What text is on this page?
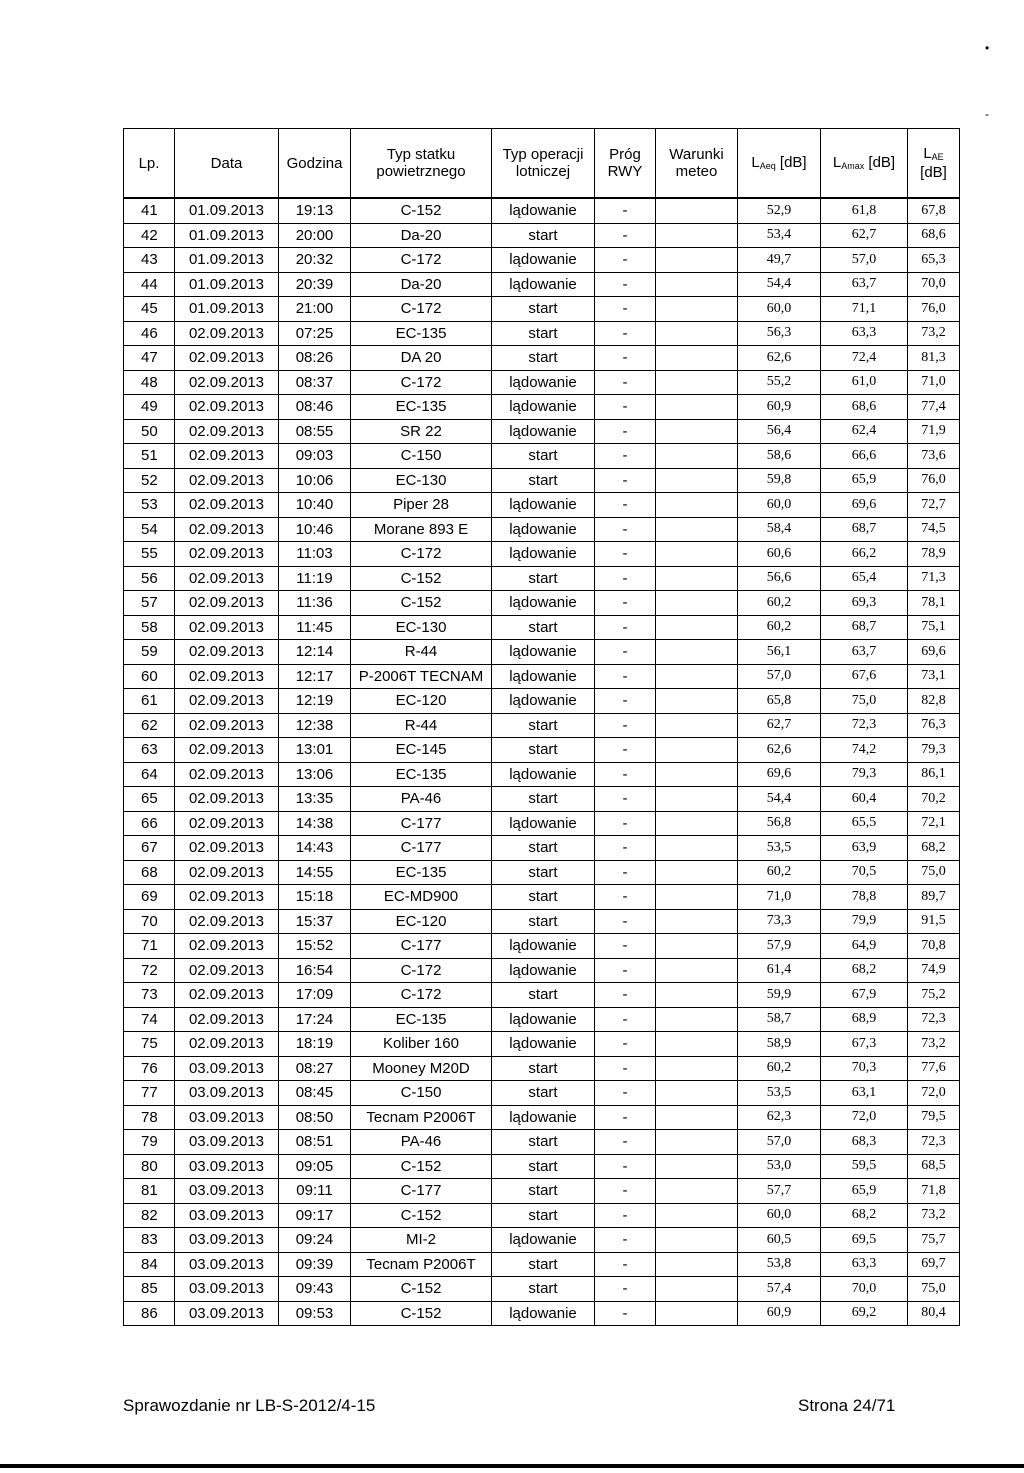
•
-
Lp.	Data	Godzina	Typ statku powietrznego	Typ operacji lotniczej	Próg RWY	Warunki meteo	$L_{Aeq}$ [dB]	$L_{Amax}$ [dB]	$L_{AE}$ [dB]
41	01.09.2013	19:13	C-152	lądowanie	-		52,9	61,8	67,8
42	01.09.2013	20:00	Da-20	start	-		53,4	62,7	68,6
43	01.09.2013	20:32	C-172	lądowanie	-		49,7	57,0	65,3
44	01.09.2013	20:39	Da-20	lądowanie	-		54,4	63,7	70,0
45	01.09.2013	21:00	C-172	start	-		60,0	71,1	76,0
46	02.09.2013	07:25	EC-135	start	-		56,3	63,3	73,2
47	02.09.2013	08:26	DA 20	start	-		62,6	72,4	81,3
48	02.09.2013	08:37	C-172	lądowanie	-		55,2	61,0	71,0
49	02.09.2013	08:46	EC-135	lądowanie	-		60,9	68,6	77,4
50	02.09.2013	08:55	SR 22	lądowanie	-		56,4	62,4	71,9
51	02.09.2013	09:03	C-150	start	-		58,6	66,6	73,6
52	02.09.2013	10:06	EC-130	start	-		59,8	65,9	76,0
53	02.09.2013	10:40	Piper 28	lądowanie	-		60,0	69,6	72,7
54	02.09.2013	10:46	Morane 893 E	lądowanie	-		58,4	68,7	74,5
55	02.09.2013	11:03	C-172	lądowanie	-		60,6	66,2	78,9
56	02.09.2013	11:19	C-152	start	-		56,6	65,4	71,3
57	02.09.2013	11:36	C-152	lądowanie	-		60,2	69,3	78,1
58	02.09.2013	11:45	EC-130	start	-		60,2	68,7	75,1
59	02.09.2013	12:14	R-44	lądowanie	-		56,1	63,7	69,6
60	02.09.2013	12:17	P-2006T TECNAM	lądowanie	-		57,0	67,6	73,1
61	02.09.2013	12:19	EC-120	lądowanie	-		65,8	75,0	82,8
62	02.09.2013	12:38	R-44	start	-		62,7	72,3	76,3
63	02.09.2013	13:01	EC-145	start	-		62,6	74,2	79,3
64	02.09.2013	13:06	EC-135	lądowanie	-		69,6	79,3	86,1
65	02.09.2013	13:35	PA-46	start	-		54,4	60,4	70,2
66	02.09.2013	14:38	C-177	lądowanie	-		56,8	65,5	72,1
67	02.09.2013	14:43	C-177	start	-		53,5	63,9	68,2
68	02.09.2013	14:55	EC-135	start	-		60,2	70,5	75,0
69	02.09.2013	15:18	EC-MD900	start	-		71,0	78,8	89,7
70	02.09.2013	15:37	EC-120	start	-		73,3	79,9	91,5
71	02.09.2013	15:52	C-177	lądowanie	-		57,9	64,9	70,8
72	02.09.2013	16:54	C-172	lądowanie	-		61,4	68,2	74,9
73	02.09.2013	17:09	C-172	start	-		59,9	67,9	75,2
74	02.09.2013	17:24	EC-135	lądowanie	-		58,7	68,9	72,3
75	02.09.2013	18:19	Koliber 160	lądowanie	-		58,9	67,3	73,2
76	03.09.2013	08:27	Mooney M20D	start	-		60,2	70,3	77,6
77	03.09.2013	08:45	C-150	start	-		53,5	63,1	72,0
78	03.09.2013	08:50	Tecnam P2006T	lądowanie	-		62,3	72,0	79,5
79	03.09.2013	08:51	PA-46	start	-		57,0	68,3	72,3
80	03.09.2013	09:05	C-152	start	-		53,0	59,5	68,5
81	03.09.2013	09:11	C-177	start	-		57,7	65,9	71,8
82	03.09.2013	09:17	C-152	start	-		60,0	68,2	73,2
83	03.09.2013	09:24	MI-2	lądowanie	-		60,5	69,5	75,7
84	03.09.2013	09:39	Tecnam P2006T	start	-		53,8	63,3	69,7
85	03.09.2013	09:43	C-152	start	-		57,4	70,0	75,0
86	03.09.2013	09:53	C-152	lądowanie	-		60,9	69,2	80,4
Sprawozdanie nr LB-S-2012/4-15	Strona 24/71
